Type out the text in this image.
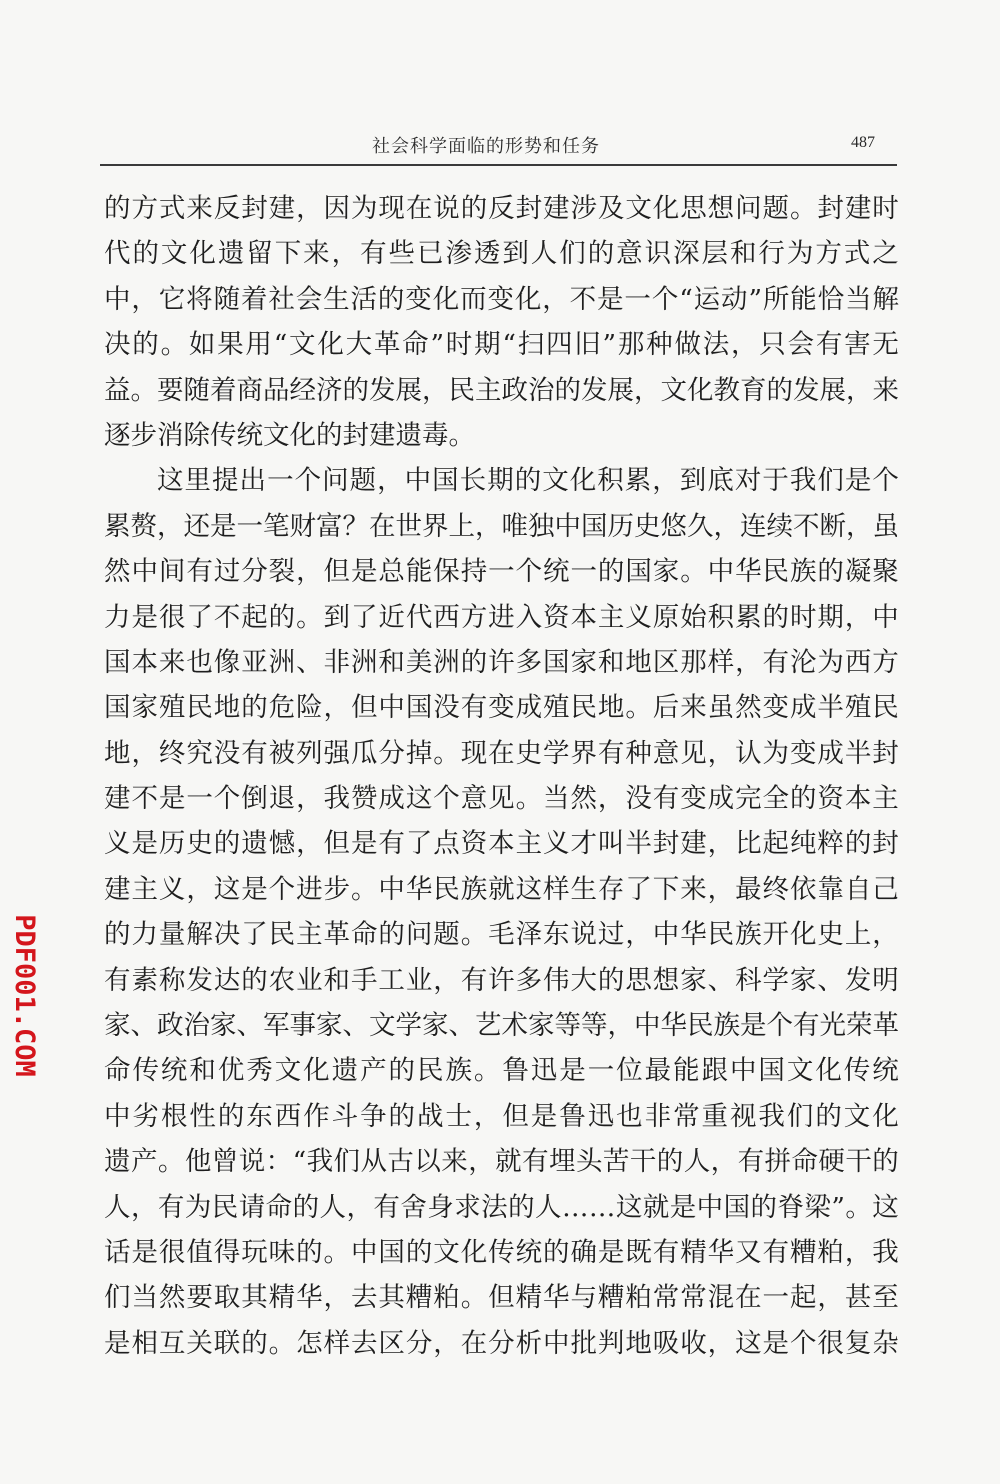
社会科学面临的形势和任务	487
的 方 式 来 反 封 建 ， 因 为 现 在 说 的 反 封 建 涉 及 文 化 思 想 问 题 。 封 建 时
代 的 文 化 遗 留 下 来 ， 有 些 已 渗 透 到 人 们 的 意 识 深 层 和 行 为 方 式 之
中 ， 它 将 随 着 社 会 生 活 的 变 化 而 变 化 ， 不 是 一 个 “ 运 动 ” 所 能 恰 当 解
决 的 。 如 果 用 “ 文 化 大 革 命 ” 时 期 “ 扫 四 旧 ” 那 种 做 法 ， 只 会 有 害 无
益 。 要 随 着 商 品 经 济 的 发 展 ， 民 主 政 治 的 发 展 ， 文 化 教 育 的 发 展 ， 来
逐 步 消 除 传 统 文 化 的 封 建 遗 毒 。
这 里 提 出 一 个 问 题 ， 中 国 长 期 的 文 化 积 累 ， 到 底 对 于 我 们 是 个
累 赘 ， 还 是 一 笔 财 富 ？ 在 世 界 上 ， 唯 独 中 国 历 史 悠 久 ， 连 续 不 断 ， 虽
然 中 间 有 过 分 裂 ， 但 是 总 能 保 持 一 个 统 一 的 国 家 。 中 华 民 族 的 凝 聚
力 是 很 了 不 起 的 。 到 了 近 代 西 方 进 入 资 本 主 义 原 始 积 累 的 时 期 ， 中
国 本 来 也 像 亚 洲 、 非 洲 和 美 洲 的 许 多 国 家 和 地 区 那 样 ， 有 沦 为 西 方
国 家 殖 民 地 的 危 险 ， 但 中 国 没 有 变 成 殖 民 地 。 后 来 虽 然 变 成 半 殖 民
地 ， 终 究 没 有 被 列 强 瓜 分 掉 。 现 在 史 学 界 有 种 意 见 ， 认 为 变 成 半 封
建 不 是 一 个 倒 退 ， 我 赞 成 这 个 意 见 。 当 然 ， 没 有 变 成 完 全 的 资 本 主
义 是 历 史 的 遗 憾 ， 但 是 有 了 点 资 本 主 义 才 叫 半 封 建 ， 比 起 纯 粹 的 封
建 主 义 ， 这 是 个 进 步 。 中 华 民 族 就 这 样 生 存 了 下 来 ， 最 终 依 靠 自 己
的 力 量 解 决 了 民 主 革 命 的 问 题 。 毛 泽 东 说 过 ， 中 华 民 族 开 化 史 上 ，
有 素 称 发 达 的 农 业 和 手 工 业 ， 有 许 多 伟 大 的 思 想 家 、 科 学 家 、 发 明
家 、 政 治 家 、 军 事 家 、 文 学 家 、 艺 术 家 等 等 ， 中 华 民 族 是 个 有 光 荣 革
命 传 统 和 优 秀 文 化 遗 产 的 民 族 。 鲁 迅 是 一 位 最 能 跟 中 国 文 化 传 统
中 劣 根 性 的 东 西 作 斗 争 的 战 士 ， 但 是 鲁 迅 也 非 常 重 视 我 们 的 文 化
遗 产 。 他 曾 说 ： “ 我 们 从 古 以 来 ， 就 有 埋 头 苦 干 的 人 ， 有 拼 命 硬 干 的
人 ， 有 为 民 请 命 的 人 ， 有 舍 身 求 法 的 人 … … 这 就 是 中 国 的 脊 梁 ” 。 这
话 是 很 值 得 玩 味 的 。 中 国 的 文 化 传 统 的 确 是 既 有 精 华 又 有 糟 粕 ， 我
们 当 然 要 取 其 精 华 ， 去 其 糟 粕 。 但 精 华 与 糟 粕 常 常 混 在 一 起 ， 甚 至
是 相 互 关 联 的 。 怎 样 去 区 分 ， 在 分 析 中 批 判 地 吸 收 ， 这 是 个 很 复 杂
PDF001.COM
